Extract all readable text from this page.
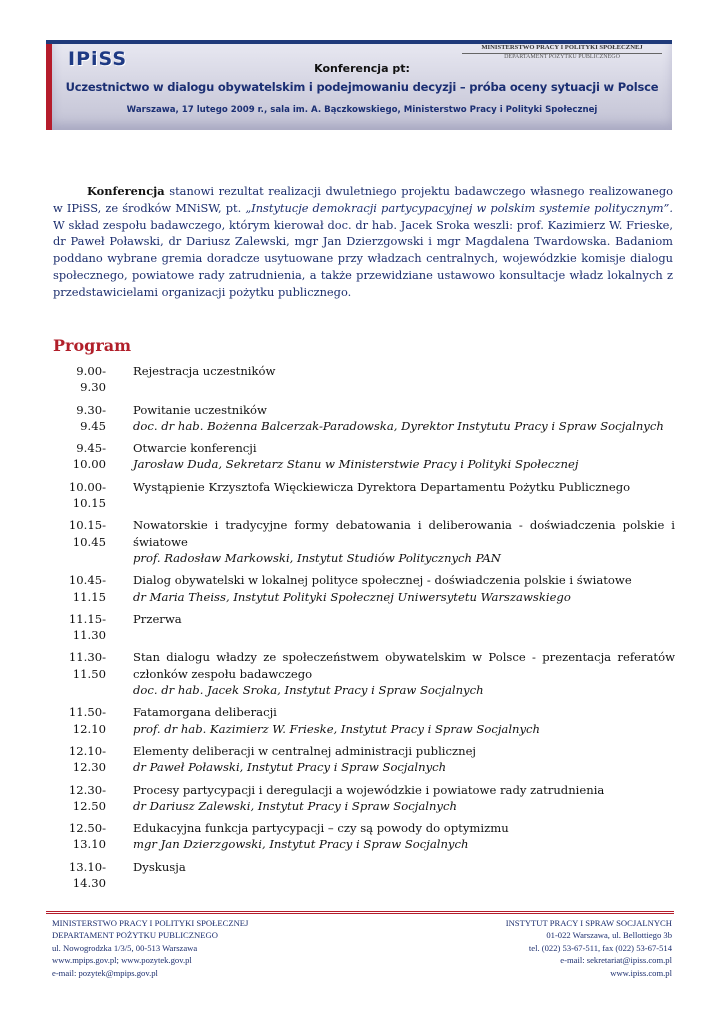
IPiSS
MINISTERSTWO PRACY I POLITYKI SPOŁECZNEJ
DEPARTAMENT POŻYTKU PUBLICZNEGO
Konferencja pt:
Uczestnictwo w dialogu obywatelskim i podejmowaniu decyzji – próba oceny sytuacji w Polsce
Warszawa, 17 lutego 2009 r., sala im. A. Bączkowskiego, Ministerstwo Pracy i Polityki Społecznej

Konferencja stanowi rezultat realizacji dwuletniego projektu badawczego własnego realizowanego w IPiSS, ze środków MNiSW, pt. „Instytucje demokracji partycypacyjnej w polskim systemie politycznym”. W skład zespołu badawczego, którym kierował doc. dr hab. Jacek Sroka weszli: prof. Kazimierz W. Frieske, dr Paweł Poławski, dr Dariusz Zalewski, mgr Jan Dzierzgowski i mgr Magdalena Twardowska. Badaniom poddano wybrane gremia doradcze usytuowane przy władzach centralnych, wojewódzkie komisje dialogu społecznego, powiatowe rady zatrudnienia, a także przewidziane ustawowo konsultacje władz lokalnych z przedstawicielami organizacji pożytku publicznego.

Program
9.00-9.30
Rejestracja uczestników
9.30-9.45
Powitanie uczestników
doc. dr hab. Bożenna Balcerzak-Paradowska, Dyrektor Instytutu Pracy i Spraw Socjalnych
9.45-10.00
Otwarcie konferencji
Jarosław Duda, Sekretarz Stanu w Ministerstwie Pracy i Polityki Społecznej
10.00-10.15
Wystąpienie Krzysztofa Więckiewicza Dyrektora Departamentu Pożytku Publicznego
10.15-10.45
Nowatorskie i tradycyjne formy debatowania i deliberowania - doświadczenia polskie i światowe
prof. Radosław Markowski, Instytut Studiów Politycznych PAN
10.45-11.15
Dialog obywatelski w lokalnej polityce społecznej - doświadczenia polskie i światowe
dr Maria Theiss, Instytut Polityki Społecznej Uniwersytetu Warszawskiego
11.15-11.30
Przerwa
11.30-11.50
Stan dialogu władzy ze społeczeństwem obywatelskim w Polsce - prezentacja referatów członków zespołu badawczego
doc. dr hab. Jacek Sroka, Instytut Pracy i Spraw Socjalnych
11.50-12.10
Fatamorgana deliberacji
prof. dr hab. Kazimierz W. Frieske, Instytut Pracy i Spraw Socjalnych
12.10-12.30
Elementy deliberacji w centralnej administracji publicznej
dr Paweł Poławski, Instytut Pracy i Spraw Socjalnych
12.30-12.50
Procesy partycypacji i deregulacji a wojewódzkie i powiatowe rady zatrudnienia
dr Dariusz Zalewski, Instytut Pracy i Spraw Socjalnych
12.50-13.10
Edukacyjna funkcja partycypacji – czy są powody do optymizmu
mgr Jan Dzierzgowski, Instytut Pracy i Spraw Socjalnych
13.10-14.30
Dyskusja
MINISTERSTWO PRACY I POLITYKI SPOŁECZNEJ
DEPARTAMENT POŻYTKU PUBLICZNEGO
ul. Nowogrodzka 1/3/5, 00-513 Warszawa
www.mpips.gov.pl; www.pozytek.gov.pl
e-mail: pozytek@mpips.gov.pl
INSTYTUT PRACY I SPRAW SOCJALNYCH
01-022 Warszawa, ul. Bellottiego 3b
tel. (022) 53-67-511, fax (022) 53-67-514
e-mail: sekretariat@ipiss.com.pl
www.ipiss.com.pl
